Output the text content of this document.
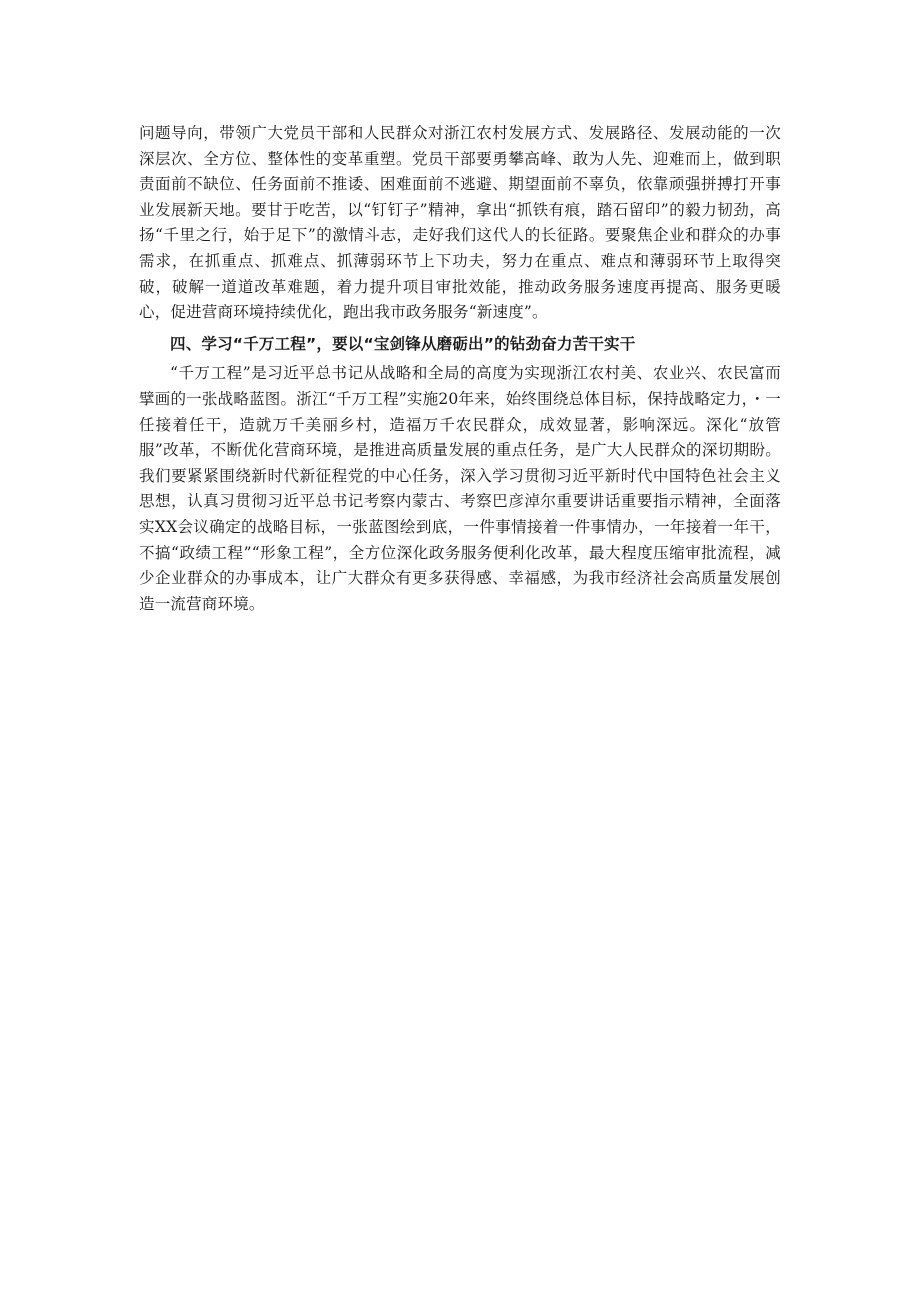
问题导向，带领广大党员干部和人民群众对浙江农村发展方式、发展路径、发展动能的一次深层次、全方位、整体性的变革重塑。党员干部要勇攀高峰、敢为人先、迎难而上，做到职责面前不缺位、任务面前不推诿、困难面前不逃避、期望面前不辜负，依靠顽强拼搏打开事业发展新天地。要甘于吃苦，以“钉钉子”精神，拿出“抓铁有痕，踏石留印”的毅力韧劲，高扬“千里之行，始于足下”的激情斗志，走好我们这代人的长征路。要聚焦企业和群众的办事需求，在抓重点、抓难点、抓薄弱环节上下功夫，努力在重点、难点和薄弱环节上取得突破，破解一道道改革难题，着力提升项目审批效能，推动政务服务速度再提高、服务更暖心，促进营商环境持续优化，跑出我市政务服务“新速度”。

四、学习“千万工程”，要以“宝剑锋从磨砺出”的钻劲奋力苦干实干

“千万工程”是习近平总书记从战略和全局的高度为实现浙江农村美、农业兴、农民富而擘画的一张战略蓝图。浙江“千万工程”实施20年来，始终围绕总体目标，保持战略定力，・一任接着任干，造就万千美丽乡村，造福万千农民群众，成效显著，影响深远。深化“放管服”改革，不断优化营商环境，是推进高质量发展的重点任务，是广大人民群众的深切期盼。我们要紧紧围绕新时代新征程党的中心任务，深入学习贯彻习近平新时代中国特色社会主义思想，认真习贯彻习近平总书记考察内蒙古、考察巴彦淖尔重要讲话重要指示精神，全面落实XX会议确定的战略目标，一张蓝图绘到底，一件事情接着一件事情办，一年接着一年干，不搞“政绩工程”“形象工程”，全方位深化政务服务便利化改革，最大程度压缩审批流程，减少企业群众的办事成本，让广大群众有更多获得感、幸福感，为我市经济社会高质量发展创造一流营商环境。
